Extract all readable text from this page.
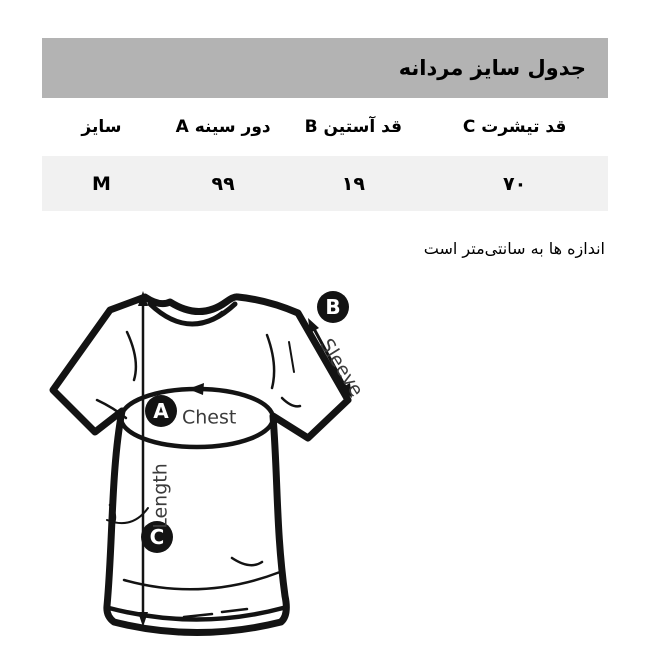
جدول سایز مردانه
قد تیشرت C
قد آستین B
دور سینه A
سایز
۷۰
۱۹
۹۹
M
اندازه ها به سانتی‌متر است
A
B
C
Chest
Sleeve
Length
